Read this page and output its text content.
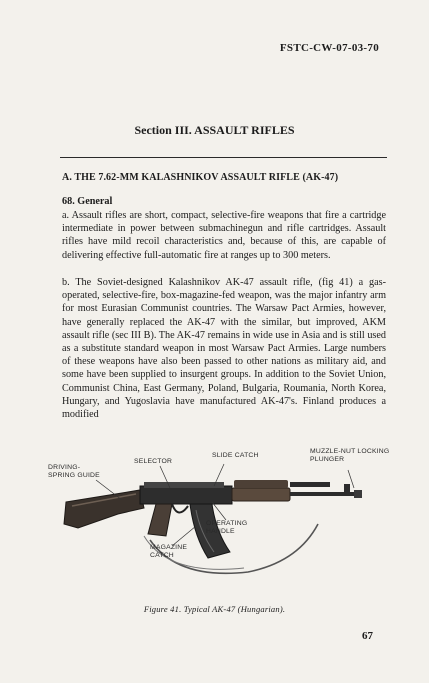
FSTC-CW-07-03-70
Section III. ASSAULT RIFLES
A. THE 7.62-MM KALASHNIKOV ASSAULT RIFLE (AK-47)
68. General

a. Assault rifles are short, compact, selective-fire weapons that fire a cartridge intermediate in power between submachinegun and rifle cartridges. Assault rifles have mild recoil characteristics and, because of this, are capable of delivering effective full-automatic fire at ranges up to 300 meters.

b. The Soviet-designed Kalashnikov AK-47 assault rifle, (fig 41) a gas-operated, selective-fire, box-magazine-fed weapon, was the major infantry arm for most Eurasian Communist countries. The Warsaw Pact Armies, however, have generally replaced the AK-47 with the similar, but improved, AKM assault rifle (sec III B). The AK-47 remains in wide use in Asia and is still used as a substitute standard weapon in most Warsaw Pact Armies. Large numbers of these weapons have also been passed to other nations as military aid, and some have been supplied to insurgent groups. In addition to the Soviet Union, Communist China, East Germany, Poland, Bulgaria, Roumania, North Korea, Hungary, and Yugoslavia have manufactured AK-47's. Finland produces a modified

DRIVING-SPRING GUIDE
SELECTOR
SLIDE CATCH
MUZZLE-NUT LOCKING PLUNGER
OPERATING HANDLE
MAGAZINE CATCH
Figure 41. Typical AK-47 (Hungarian).
67
